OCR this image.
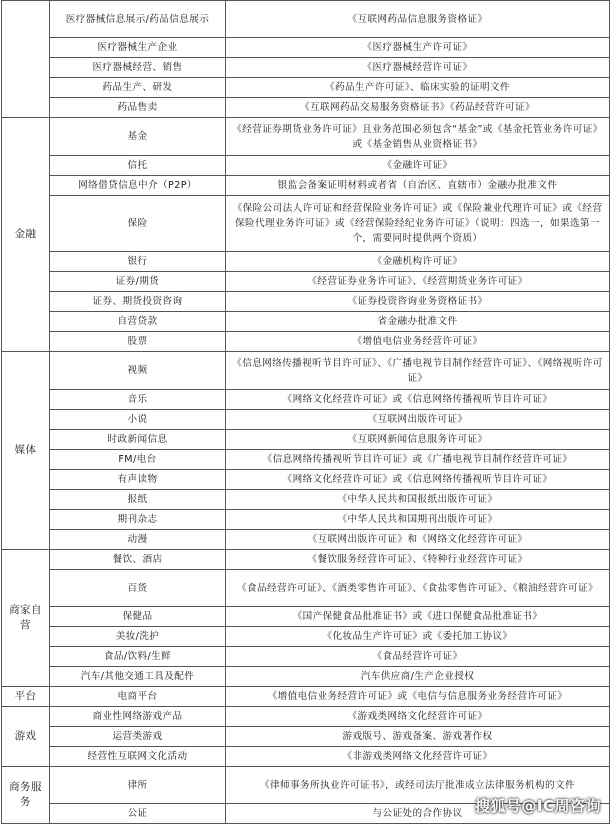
	医疗器械信息展示/药品信息展示	《互联网药品信息服务资格证》
	医疗器械生产企业	《医疗器械生产许可证》
	医疗器械经营、销售	《医疗器械经营许可证》
	药品生产、研发	《药品生产许可证》、临床实验的证明文件
	药品售卖	《互联网药品交易服务资格证书》《药品经营许可证》
金融	基金	《经营证券期货业务许可证》且业务范围必须包含“基金”或《基金托管业务许可证》或《基金销售从业资格证书》
	信托	《金融许可证》
	网络借贷信息中介（P2P）	银监会备案证明材料或者省（自治区、直辖市）金融办批准文件
	保险	《保险公司法人许可证和经营保险业务许可证》或《保险兼业代理许可证》或《经营保险代理业务许可证》或《经营保险经纪业务许可证》（说明：四选一，如果选第一个，需要同时提供两个资质）
	银行	《金融机构许可证》
	证券/期货	《经营证券业务许可证》、《经营期货业务许可证》
	证券、期货投资咨询	《证券投资咨询业务资格证书》
	自营贷款	省金融办批准文件
	股票	《增值电信业务经营许可证》
媒体	视频	《信息网络传播视听节目许可证》、《广播电视节目制作经营许可证》、《网络视听许可证》
	音乐	《网络文化经营许可证》或《信息网络传播视听节目许可证》
	小说	《互联网出版许可证》
	时政新闻信息	《互联网新闻信息服务许可证》
	FM/电台	《信息网络传播视听节目许可证》或《广播电视节目制作经营许可证》
	有声读物	《网络文化经营许可证》或《信息网络传播视听节目许可证》
	报纸	《中华人民共和国报纸出版许可证》
	期刊杂志	《中华人民共和国期刊出版许可证》
	动漫	《互联网出版许可证》和《网络文化经营许可证》
商家自营	餐饮、酒店	《餐饮服务经营许可证》、《特种行业经营许可证》
	百货	《食品经营许可证》、《酒类零售许可证》、《食盐零售许可证》、《粮油经营许可证》
	保健品	《国产保健食品批准证书》或《进口保健食品批准证书》
	美妆/洗护	《化妆品生产许可证》或《委托加工协议》
	食品/饮料/生鲜	《食品经营许可证》
	汽车/其他交通工具及配件	汽车供应商/生产企业授权
平台	电商平台	《增值电信业务经营许可证》或《电信与信息服务业务经营许可证》
游戏	商业性网络游戏产品	《游戏类网络文化经营许可证》
	运营类游戏	游戏版号、游戏备案、游戏著作权
	经营性互联网文化活动	《非游戏类网络文化经营许可证》
商务服务	律所	《律师事务所执业许可证书》，或经司法厅批准成立法律服务机构的文件
	公证	与公证处的合作协议 搜狐号@IC周咨询
